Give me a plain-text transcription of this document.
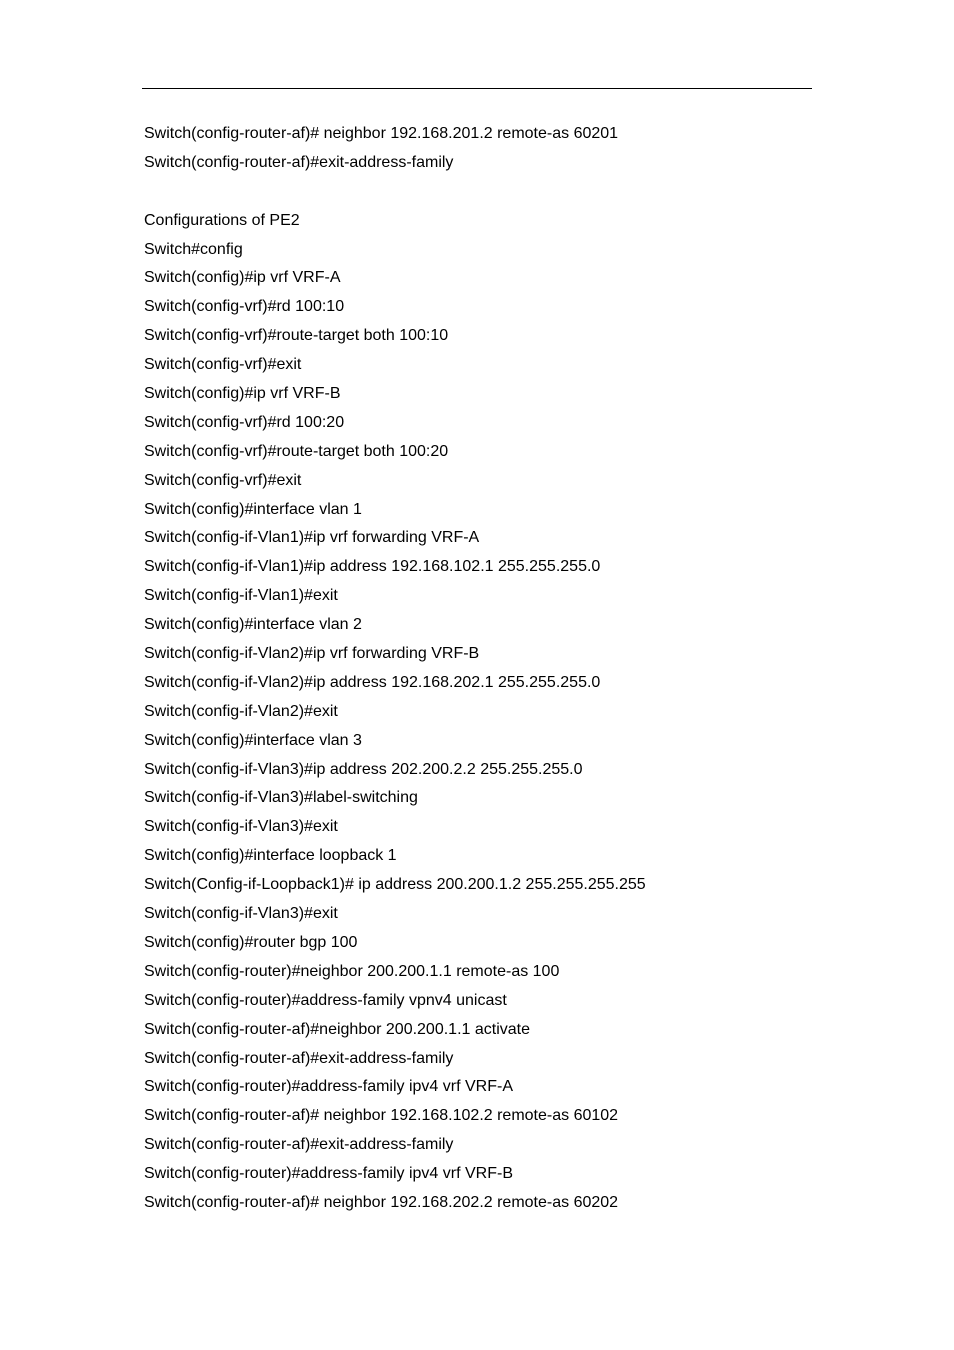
Switch(config-router-af)# neighbor 192.168.201.2 remote-as 60201
Switch(config-router-af)#exit-address-family
Configurations of PE2
Switch#config
Switch(config)#ip vrf VRF-A
Switch(config-vrf)#rd 100:10
Switch(config-vrf)#route-target both 100:10
Switch(config-vrf)#exit
Switch(config)#ip vrf VRF-B
Switch(config-vrf)#rd 100:20
Switch(config-vrf)#route-target both 100:20
Switch(config-vrf)#exit
Switch(config)#interface vlan 1
Switch(config-if-Vlan1)#ip vrf forwarding VRF-A
Switch(config-if-Vlan1)#ip address 192.168.102.1 255.255.255.0
Switch(config-if-Vlan1)#exit
Switch(config)#interface vlan 2
Switch(config-if-Vlan2)#ip vrf forwarding VRF-B
Switch(config-if-Vlan2)#ip address 192.168.202.1 255.255.255.0
Switch(config-if-Vlan2)#exit
Switch(config)#interface vlan 3
Switch(config-if-Vlan3)#ip address 202.200.2.2 255.255.255.0
Switch(config-if-Vlan3)#label-switching
Switch(config-if-Vlan3)#exit
Switch(config)#interface loopback 1
Switch(Config-if-Loopback1)# ip address 200.200.1.2 255.255.255.255
Switch(config-if-Vlan3)#exit
Switch(config)#router bgp 100
Switch(config-router)#neighbor 200.200.1.1 remote-as 100
Switch(config-router)#address-family vpnv4 unicast
Switch(config-router-af)#neighbor 200.200.1.1 activate
Switch(config-router-af)#exit-address-family
Switch(config-router)#address-family ipv4 vrf VRF-A
Switch(config-router-af)# neighbor 192.168.102.2 remote-as 60102
Switch(config-router-af)#exit-address-family
Switch(config-router)#address-family ipv4 vrf VRF-B
Switch(config-router-af)# neighbor 192.168.202.2 remote-as 60202
